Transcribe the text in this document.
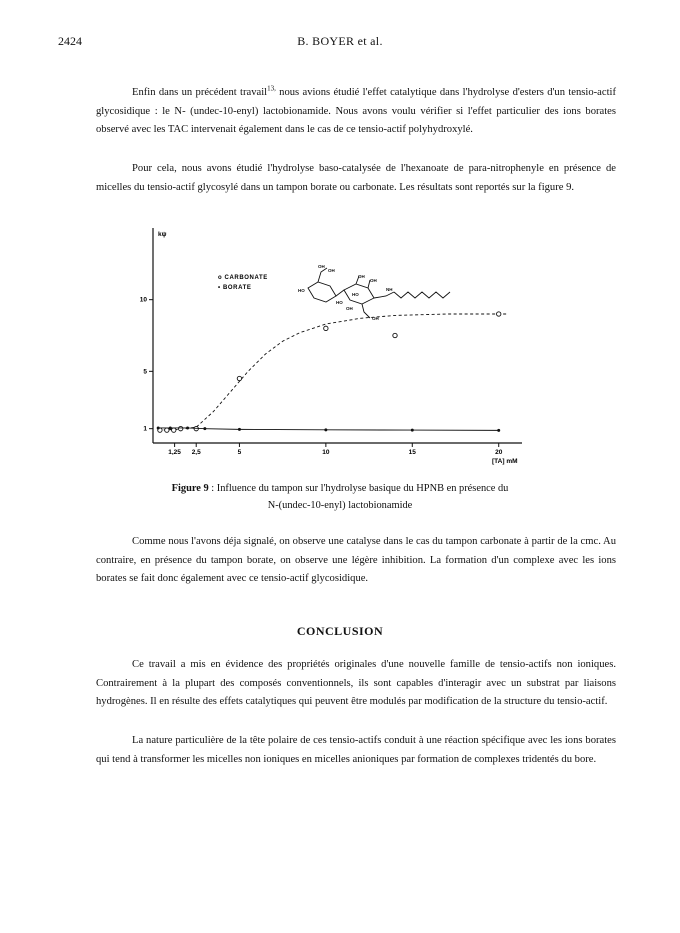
2424	B. BOYER et al.

Enfin dans un précédent travail$^{13,}$ nous avions étudié l'effet catalytique dans l'hydrolyse d'esters d'un tensio-actif glycosidique : le N- (undec-10-enyl) lactobionamide. Nous avons voulu vérifier si l'effet particulier des ions borates observé avec les TAC intervenait également dans le cas de ce tensio-actif polyhydroxylé.

Pour cela, nous avons étudié l'hydrolyse baso-catalysée de l'hexanoate de para-nitrophenyle en présence de micelles du tensio-actif glycosylé dans un tampon borate ou carbonate. Les résultats sont reportés sur la figure 9.

kψ
[TA] mM
1,25 2,5	5	10	15	20
1
5
10
o CARBONATE
• BORATE
OH
OH
OH
HO
HO
OH
NH
OH
HO
OH
Figure 9 : Influence du tampon sur l'hydrolyse basique du HPNB en présence du
N-(undec-10-enyl) lactobionamide

Comme nous l'avons déja signalé, on observe une catalyse dans le cas du tampon carbonate à partir de la cmc. Au contraire, en présence du tampon borate, on observe une légère inhibition. La formation d'un complexe avec les ions borates se fait donc également avec ce tensio-actif glycosidique.

CONCLUSION

Ce travail a mis en évidence des propriétés originales d'une nouvelle famille de tensio-actifs non ioniques. Contrairement à la plupart des composés conventionnels, ils sont capables d'interagir avec un substrat par liaisons hydrogènes. Il en résulte des effets catalytiques qui peuvent être modulés par modification de la structure du tensio-actif.

La nature particulière de la tête polaire de ces tensio-actifs conduit à une réaction spécifique avec les ions borates qui tend à transformer les micelles non ioniques en micelles anioniques par formation de complexes tridentés du bore.
